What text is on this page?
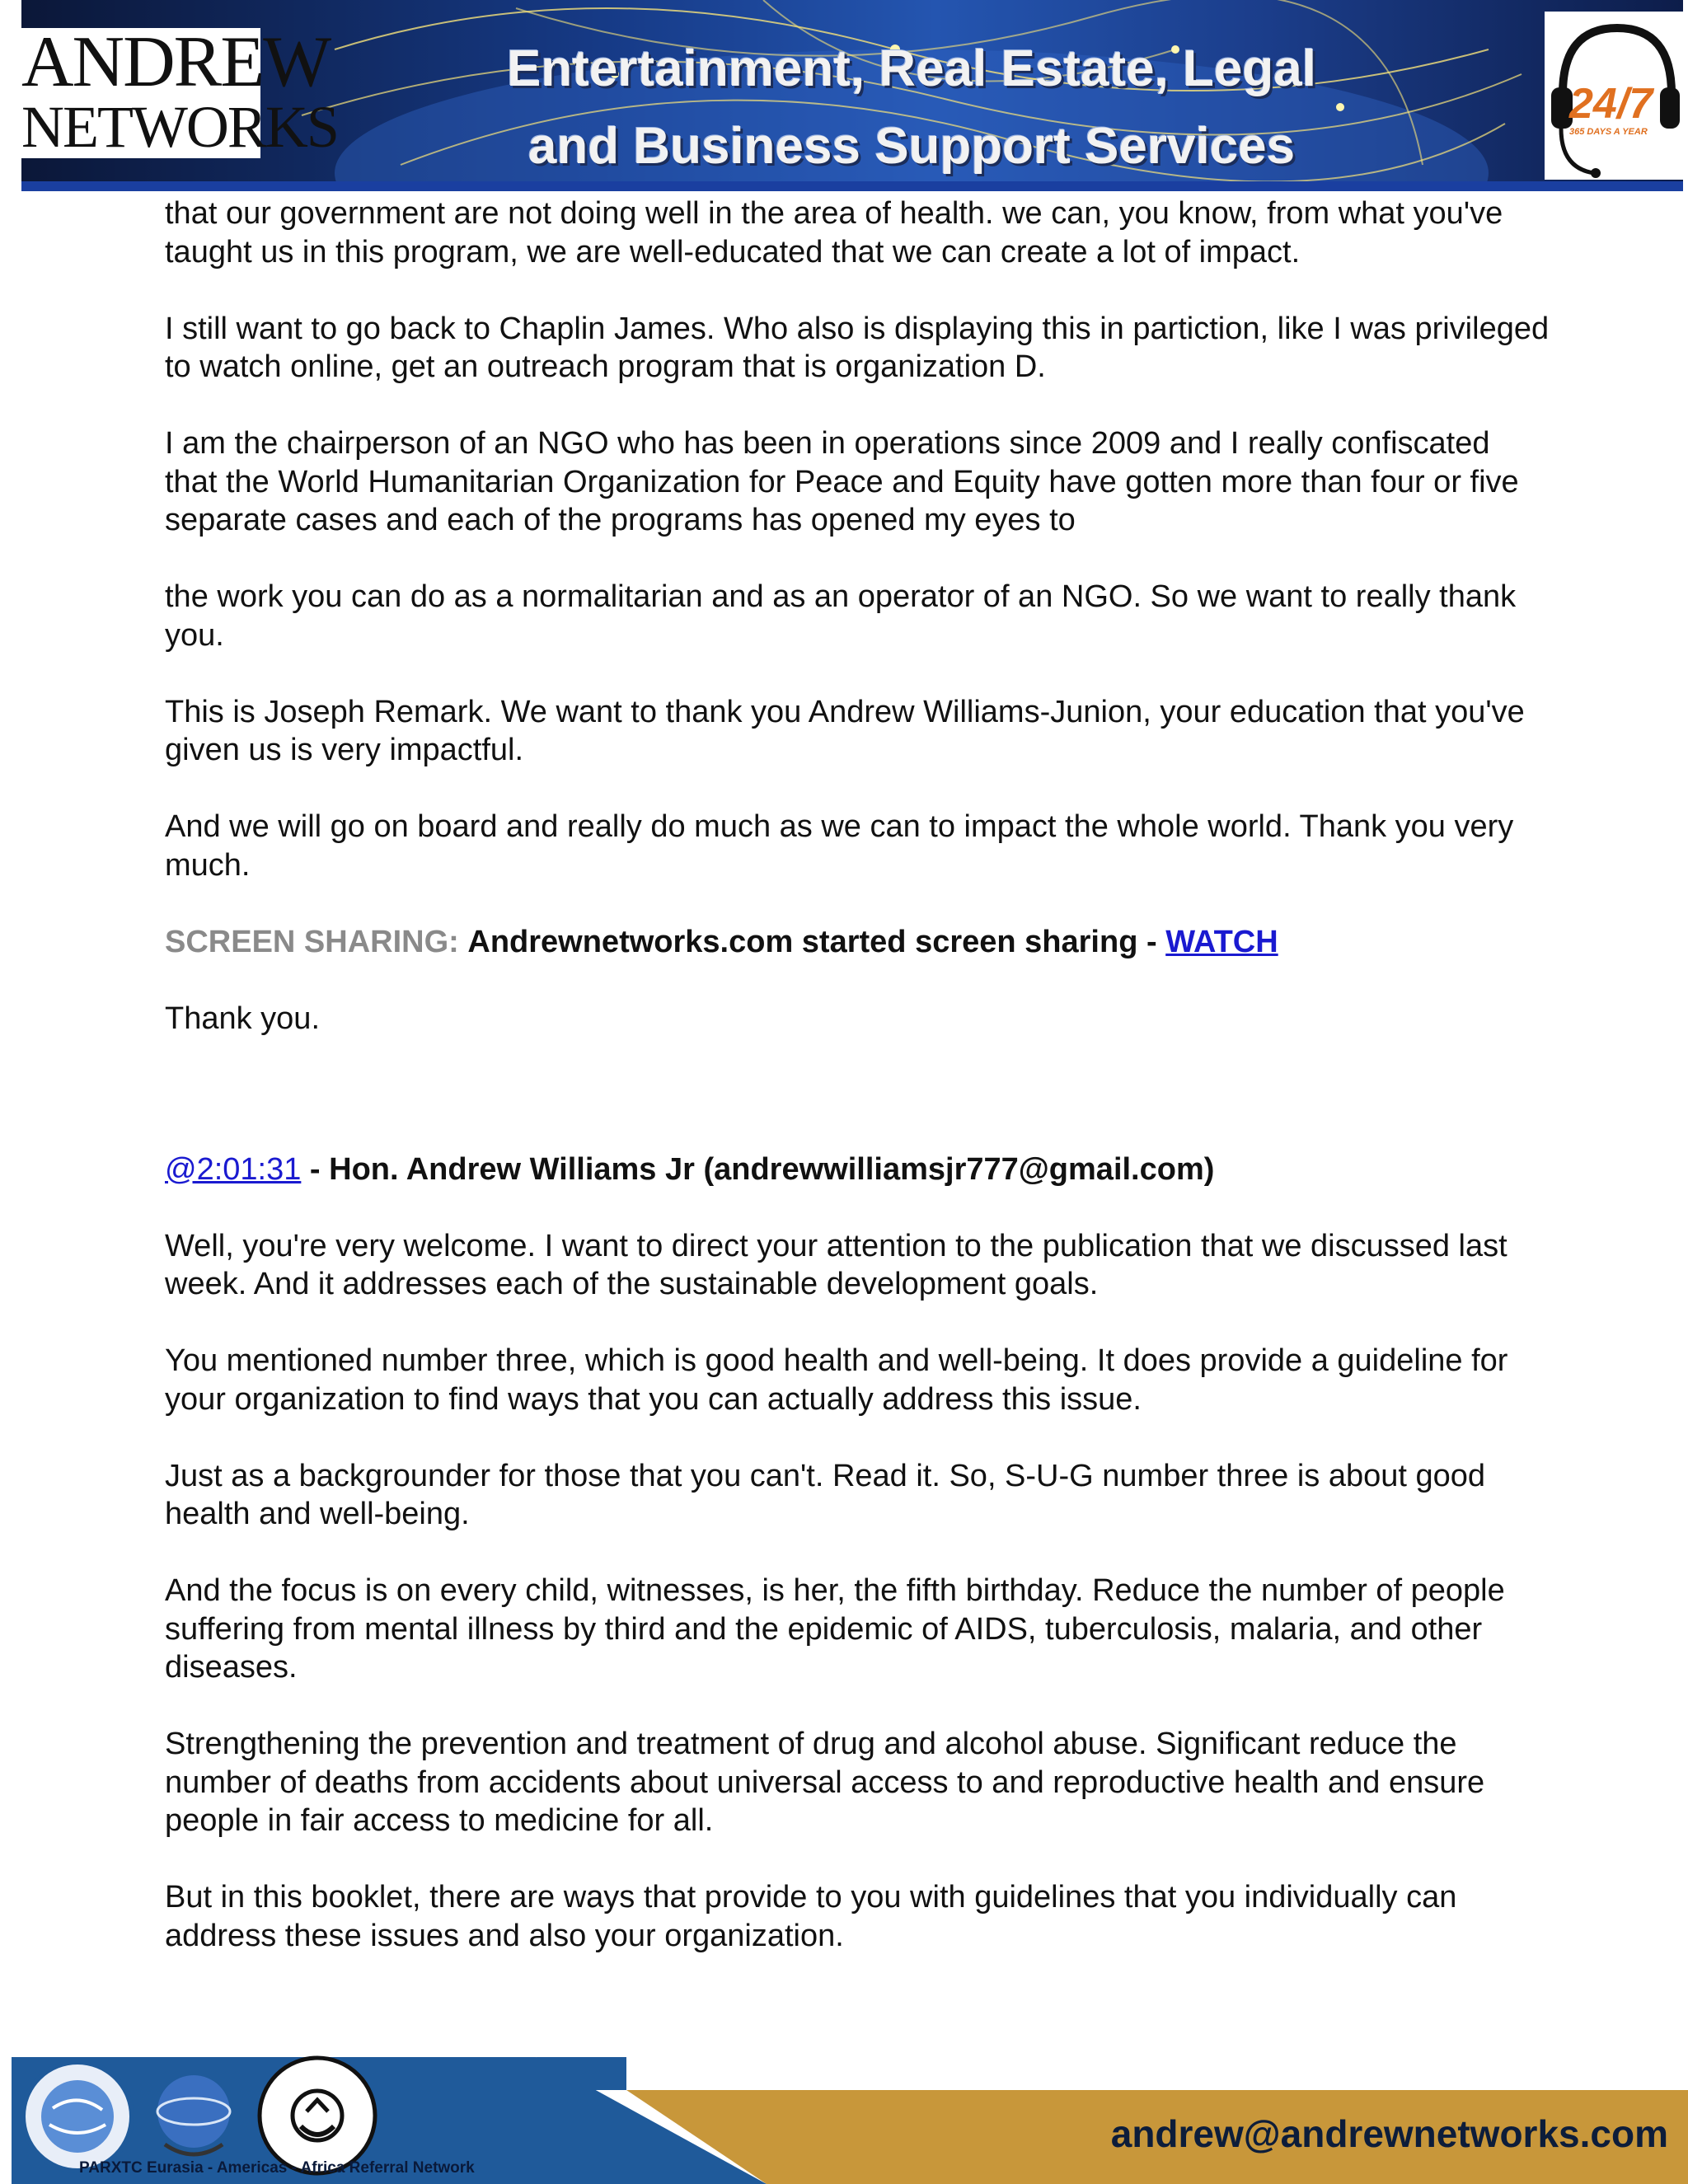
ANDREW
NETWORKS
Entertainment, Real Estate, Legal
and Business Support Services
24/7
365 DAYS A YEAR

that our government are not doing well in the area of health. we can, you know, from what you've taught us in this program, we are well-educated that we can create a lot of impact.

I still want to go back to Chaplin James. Who also is displaying this in partiction, like I was privileged to watch online, get an outreach program that is organization D.

I am the chairperson of an NGO who has been in operations since 2009 and I really confiscated that the World Humanitarian Organization for Peace and Equity have gotten more than four or five separate cases and each of the programs has opened my eyes to

the work you can do as a normalitarian and as an operator of an NGO. So we want to really thank you.

This is Joseph Remark. We want to thank you Andrew Williams-Junion, your education that you've given us is very impactful.

And we will go on board and really do much as we can to impact the whole world. Thank you very much.

SCREEN SHARING: Andrewnetworks.com started screen sharing - WATCH

Thank you.

@2:01:31 - Hon. Andrew Williams Jr (andrewwilliamsjr777@gmail.com)

Well, you're very welcome. I want to direct your attention to the publication that we discussed last week. And it addresses each of the sustainable development goals.

You mentioned number three, which is good health and well-being. It does provide a guideline for your organization to find ways that you can actually address this issue.

Just as a backgrounder for those that you can't. Read it. So, S-U-G number three is about good health and well-being.

And the focus is on every child, witnesses, is her, the fifth birthday. Reduce the number of people suffering from mental illness by third and the epidemic of AIDS, tuberculosis, malaria, and other diseases.

Strengthening the prevention and treatment of drug and alcohol abuse. Significant reduce the number of deaths from accidents about universal access to and reproductive health and ensure people in fair access to medicine for all.

But in this booklet, there are ways that provide to you with guidelines that you individually can address these issues and also your organization.

PARXTC Eurasia - Americas - Africa Referral Network
andrew@andrewnetworks.com
